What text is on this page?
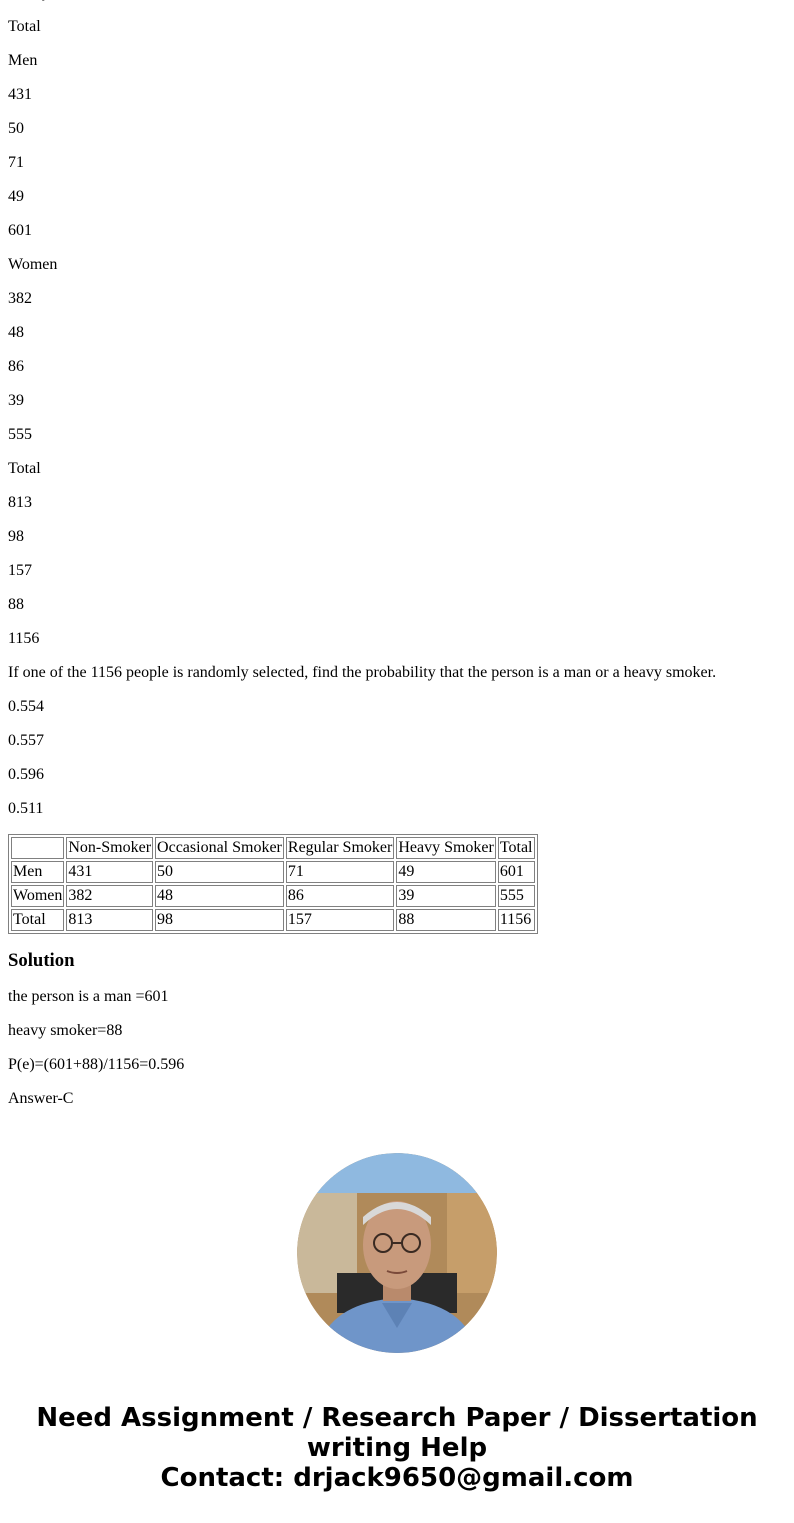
Total

Men

431

50

71

49

601

Women

382

48

86

39

555

Total

813

98

157

88

1156

If one of the 1156 people is randomly selected, find the probability that the person is a man or a heavy smoker.

0.554

0.557

0.596

0.511

	Non-Smoker	Occasional Smoker	Regular Smoker	Heavy Smoker	Total
Men	431	50	71	49	601
Women	382	48	86	39	555
Total	813	98	157	88	1156
Solution

the person is a man =601

heavy smoker=88

P(e)=(601+88)/1156=0.596

Answer-C

Need Assignment / Research Paper / Dissertation
writing Help
Contact: drjack9650@gmail.com
